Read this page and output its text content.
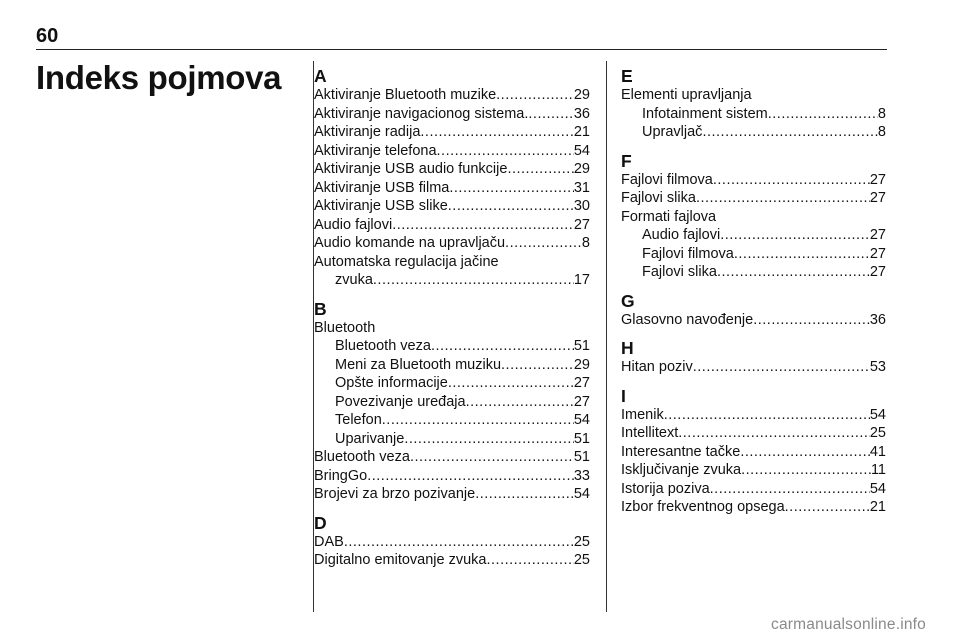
60
Indeks pojmova A
Aktiviranje Bluetooth muzike .....	29
Aktiviranje navigacionog sistema. .....	36
Aktiviranje radija .....	21
Aktiviranje telefona .....	54
Aktiviranje USB audio funkcije .....	29
Aktiviranje USB filma .....	31
Aktiviranje USB slike .....	30
Audio fajlovi .....	27
Audio komande na upravljaču .....	8
Automatska regulacija jačine
zvuka .....	17
B
Bluetooth
Bluetooth veza .....	51
Meni za Bluetooth muziku .....	29
Opšte informacije .....	27
Povezivanje uređaja .....	27
Telefon .....	54
Uparivanje .....	51
Bluetooth veza .....	51
BringGo .....	33
Brojevi za brzo pozivanje .....	54
D
DAB .....	25
Digitalno emitovanje zvuka .....	25
E
Elementi upravljanja
Infotainment sistem .....	8
Upravljač .....	8
F
Fajlovi filmova .....	27
Fajlovi slika .....	27
Formati fajlova
Audio fajlovi .....	27
Fajlovi filmova .....	27
Fajlovi slika .....	27
G
Glasovno navođenje .....	36
H
Hitan poziv .....	53
I
Imenik .....	54
Intellitext .....	25
Interesantne tačke .....	41
Isključivanje zvuka .....	11
Istorija poziva .....	54
Izbor frekventnog opsega .....	21
carmanualsonline.info
